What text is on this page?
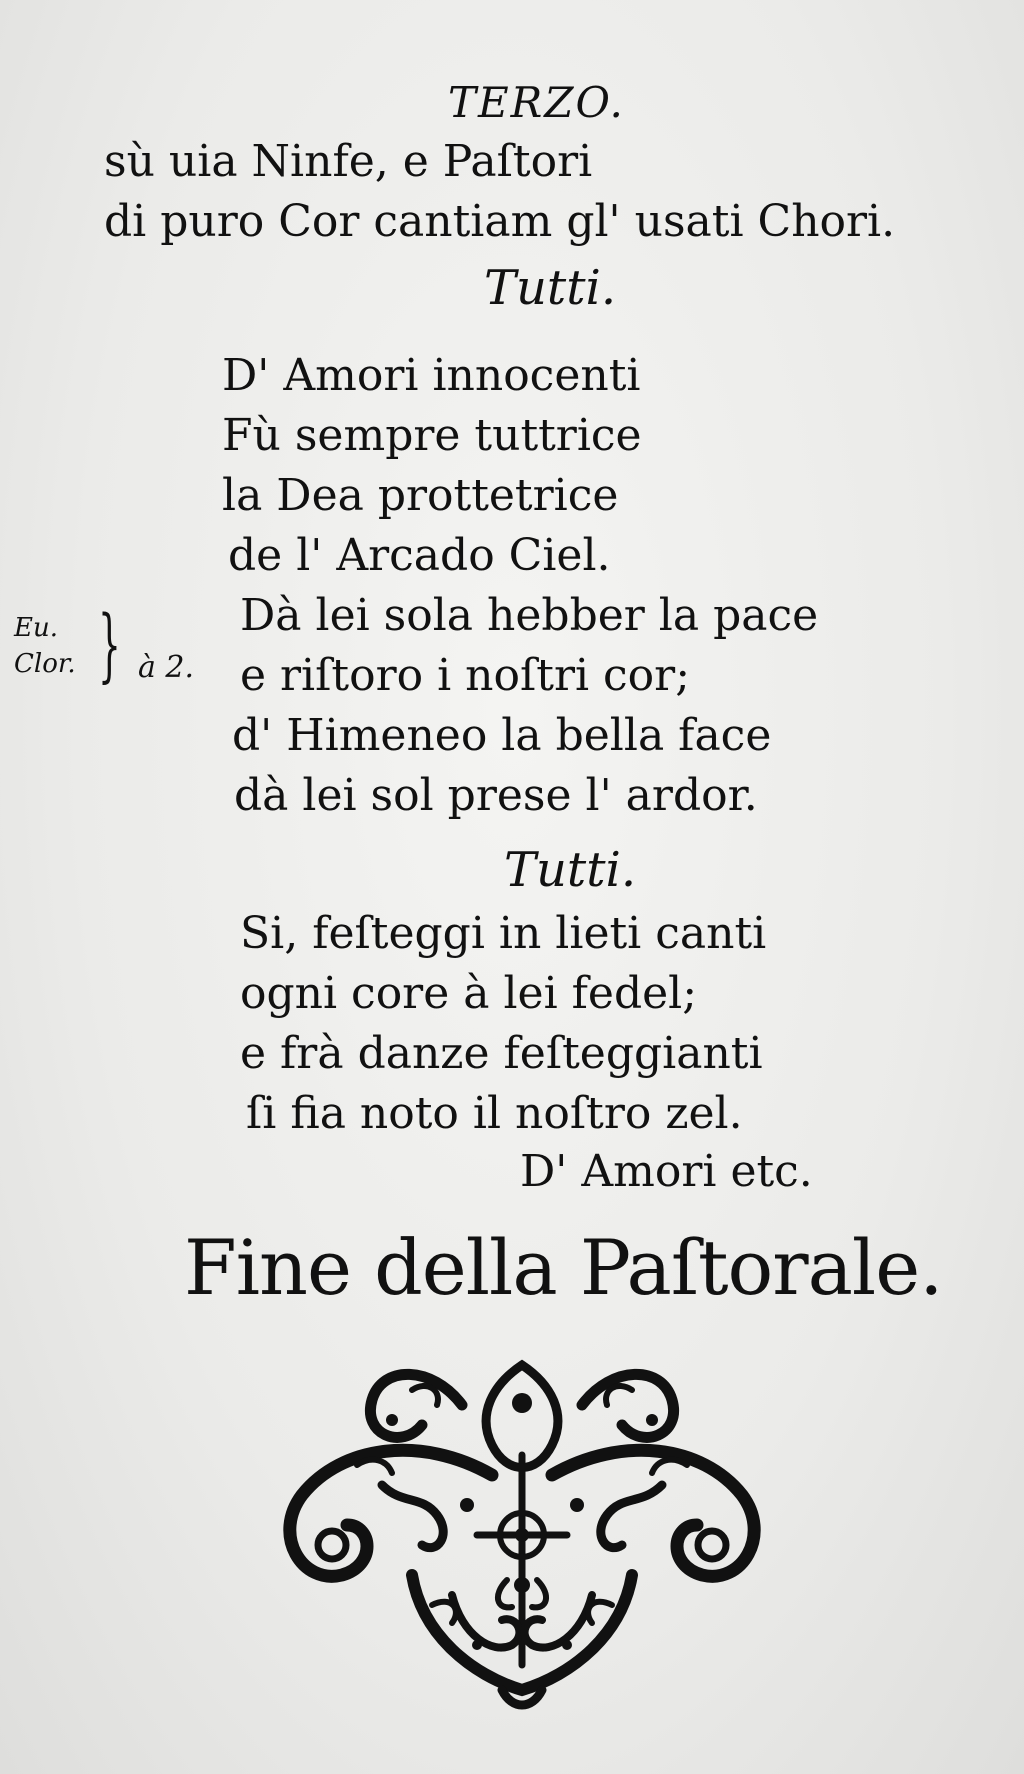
TERZO.
sù uia Ninfe, e Paſtori
di puro Cor cantiam gl' usati Chori.
Tutti.
D' Amori innocenti
Fù sempre tuttrice
la Dea prottetrice
de l' Arcado Ciel.
Eu.
Clor. } à 2.
Dà lei sola hebber la pace
e riſtoro i noſtri cor;
d' Himeneo la bella face
dà lei sol prese l' ardor.
Tutti.
Si, feſteggi in lieti canti
ogni core à lei fedel;
e frà danze feſteggianti
ſi fia noto il noſtro zel.
D' Amori etc.
Fine della Paſtorale.
